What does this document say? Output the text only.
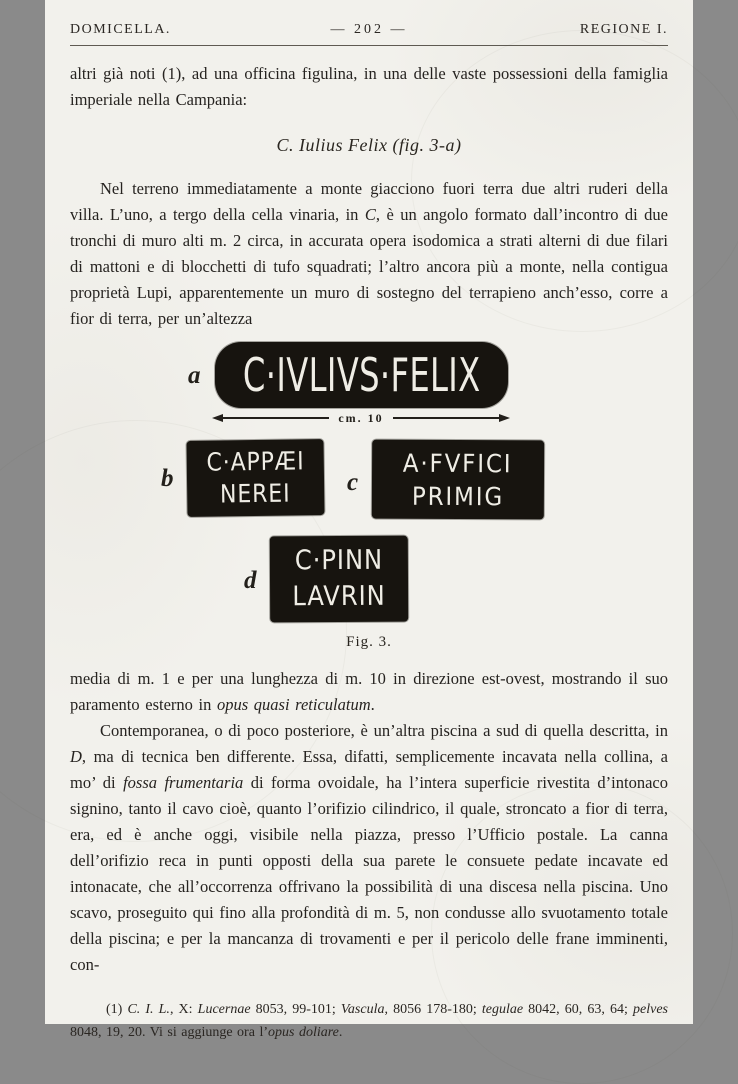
DOMICELLA.	— 202 —	REGIONE I.

altri già noti (1), ad una officina figulina, in una delle vaste possessioni della famiglia imperiale nella Campania:

C. Iulius Felix (fig. 3-a)

Nel terreno immediatamente a monte giacciono fuori terra due altri ruderi della villa. L’uno, a tergo della cella vinaria, in C, è un angolo formato dall’incontro di due tronchi di muro alti m. 2 circa, in accurata opera isodomica a strati alterni di due filari di mattoni e di blocchetti di tufo squadrati; l’altro ancora più a monte, nella contigua proprietà Lupi, apparentemente un muro di sostegno del terrapieno anch’esso, corre a fior di terra, per un’altezza

a C·IVLIVS·FELIX
cm. 10
b
C·APPÆI
NEREI c
A·FVFICI
PRIMIG
d
C·PINN
LAVRIN
Fig. 3.

media di m. 1 e per una lunghezza di m. 10 in direzione est-ovest, mostrando il suo paramento esterno in opus quasi reticulatum.

Contemporanea, o di poco posteriore, è un’altra piscina a sud di quella descritta, in D, ma di tecnica ben differente. Essa, difatti, semplicemente incavata nella collina, a mo’ di fossa frumentaria di forma ovoidale, ha l’intera superficie rivestita d’intonaco signino, tanto il cavo cioè, quanto l’orifizio cilindrico, il quale, stroncato a fior di terra, era, ed è anche oggi, visibile nella piazza, presso l’Ufficio postale. La canna dell’orifizio reca in punti opposti della sua parete le consuete pedate incavate ed intonacate, che all’occorrenza offrivano la possibilità di una discesa nella piscina. Uno scavo, proseguito qui fino alla profondità di m. 5, non condusse allo svuotamento totale della piscina; e per la mancanza di trovamenti e per il pericolo delle frane imminenti, con-

(1) C. I. L., X: Lucernae 8053, 99-101; Vascula, 8056 178-180; tegulae 8042, 60, 63, 64; pelves 8048, 19, 20. Vi si aggiunge ora l’opus doliare.
